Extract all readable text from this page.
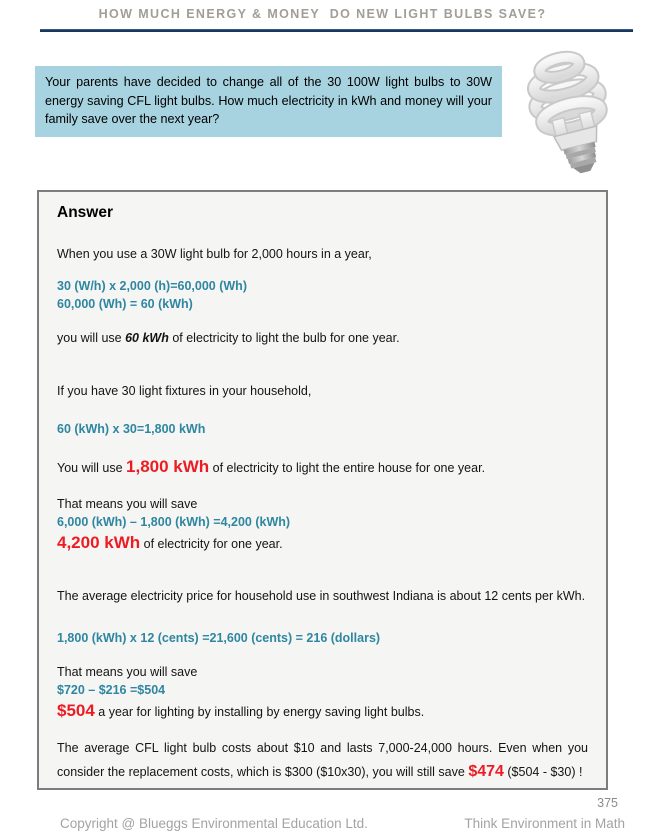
HOW MUCH ENERGY & MONEY  DO NEW LIGHT BULBS SAVE?
Your parents have decided to change all of the 30 100W light bulbs to 30W energy saving CFL light bulbs. How much electricity in kWh and money will your family save over the next year?
Answer
When you use a 30W light bulb for 2,000 hours in a year,
30 (W/h) x 2,000 (h)=60,000 (Wh)
60,000 (Wh) = 60 (kWh)
you will use 60 kWh of electricity to light the bulb for one year.
If you have 30 light fixtures in your household,
60 (kWh) x 30=1,800 kWh
You will use 1,800 kWh of electricity to light the entire house for one year.
That means you will save
6,000 (kWh) – 1,800 (kWh) =4,200 (kWh)
4,200 kWh of electricity for one year.
The average electricity price for household use in southwest Indiana is about 12 cents per kWh.
1,800 (kWh) x 12 (cents) =21,600 (cents) = 216 (dollars)
That means you will save
$720 – $216 =$504
$504 a year for lighting by installing by energy saving light bulbs.
The average CFL light bulb costs about $10 and lasts 7,000-24,000 hours. Even when you consider the replacement costs, which is $300 ($10x30), you will still save $474 ($504 - $30) !
375
Copyright @ Blueggs Environmental Education Ltd.	Think Environment in Math
